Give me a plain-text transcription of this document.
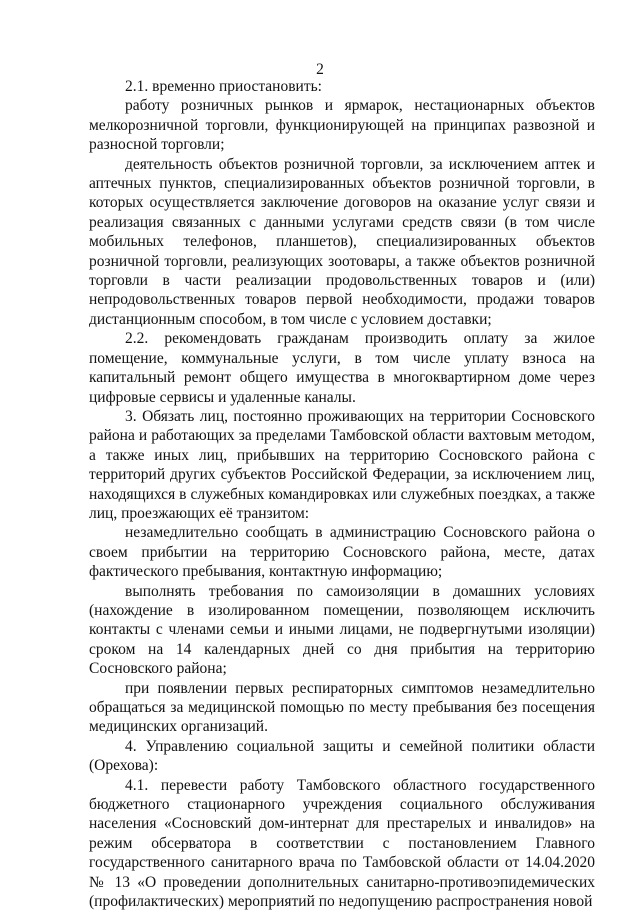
2

2.1. временно приостановить:

работу розничных рынков и ярмарок, нестационарных объектов мелкорозничной торговли, функционирующей на принципах развозной и разносной торговли;

деятельность объектов розничной торговли, за исключением аптек и аптечных пунктов, специализированных объектов розничной торговли, в которых осуществляется заключение договоров на оказание услуг связи и реализация связанных с данными услугами средств связи (в том числе мобильных телефонов, планшетов), специализированных объектов розничной торговли, реализующих зоотовары, а также объектов розничной торговли в части реализации продовольственных товаров и (или) непродовольственных товаров первой необходимости, продажи товаров дистанционным способом, в том числе с условием доставки;

2.2. рекомендовать гражданам производить оплату за жилое помещение, коммунальные услуги, в том числе уплату взноса на капитальный ремонт общего имущества в многоквартирном доме через цифровые сервисы и удаленные каналы.

3. Обязать лиц, постоянно проживающих на территории Сосновского района и работающих за пределами Тамбовской области вахтовым методом, а также иных лиц, прибывших на территорию Сосновского района с территорий других субъектов Российской Федерации, за исключением лиц, находящихся в служебных командировках или служебных поездках, а также лиц, проезжающих её транзитом:

незамедлительно сообщать в администрацию Сосновского района о своем прибытии на территорию Сосновского района, месте, датах фактического пребывания, контактную информацию;

выполнять требования по самоизоляции в домашних условиях (нахождение в изолированном помещении, позволяющем исключить контакты с членами семьи и иными лицами, не подвергнутыми изоляции) сроком на 14 календарных дней со дня прибытия на территорию Сосновского района;

при появлении первых респираторных симптомов незамедлительно обращаться за медицинской помощью по месту пребывания без посещения медицинских организаций.

4. Управлению социальной защиты и семейной политики области (Орехова):

4.1. перевести работу Тамбовского областного государственного бюджетного стационарного учреждения социального обслуживания населения «Сосновский дом-интернат для престарелых и инвалидов» на режим обсерватора в соответствии с постановлением Главного государственного санитарного врача по Тамбовской области от 14.04.2020 № 13 «О проведении дополнительных санитарно-противоэпидемических (профилактических) мероприятий по недопущению распространения новой
